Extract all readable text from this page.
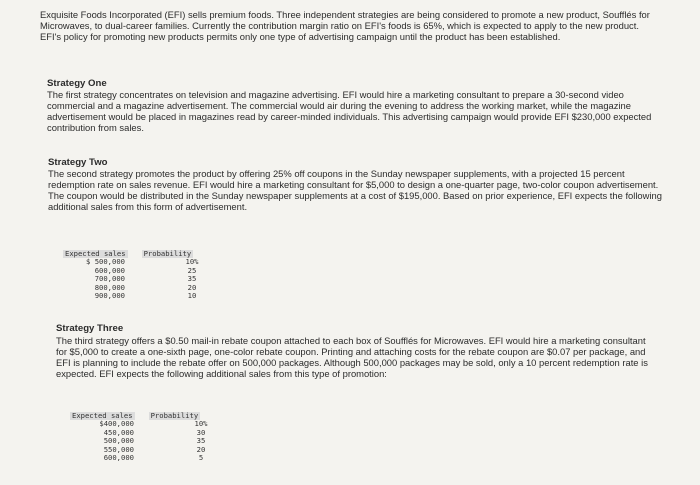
Exquisite Foods Incorporated (EFI) sells premium foods. Three independent strategies are being considered to promote a new product, Soufflés for Microwaves, to dual-career families. Currently the contribution margin ratio on EFI's foods is 65%, which is expected to apply to the new product. EFI's policy for promoting new products permits only one type of advertising campaign until the product has been established.

Strategy One

The first strategy concentrates on television and magazine advertising. EFI would hire a marketing consultant to prepare a 30-second video commercial and a magazine advertisement. The commercial would air during the evening to address the working market, while the magazine advertisement would be placed in magazines read by career-minded individuals. This advertising campaign would provide EFI $230,000 expected contribution from sales.

Strategy Two

The second strategy promotes the product by offering 25% off coupons in the Sunday newspaper supplements, with a projected 15 percent redemption rate on sales revenue. EFI would hire a marketing consultant for $5,000 to design a one-quarter page, two-color coupon advertisement. The coupon would be distributed in the Sunday newspaper supplements at a cost of $195,000. Based on prior experience, EFI expects the following additional sales from this form of advertisement.

Expected sales	Probability
$ 500,000	10%
600,000	25
700,000	35
800,000	20
900,000	10

Strategy Three

The third strategy offers a $0.50 mail-in rebate coupon attached to each box of Soufflés for Microwaves. EFI would hire a marketing consultant for $5,000 to create a one-sixth page, one-color rebate coupon. Printing and attaching costs for the rebate coupon are $0.07 per package, and EFI is planning to include the rebate offer on 500,000 packages. Although 500,000 packages may be sold, only a 10 percent redemption rate is expected. EFI expects the following additional sales from this type of promotion:

Expected sales	Probability
$400,000	10%
450,000	30
500,000	35
550,000	20
600,000	5
